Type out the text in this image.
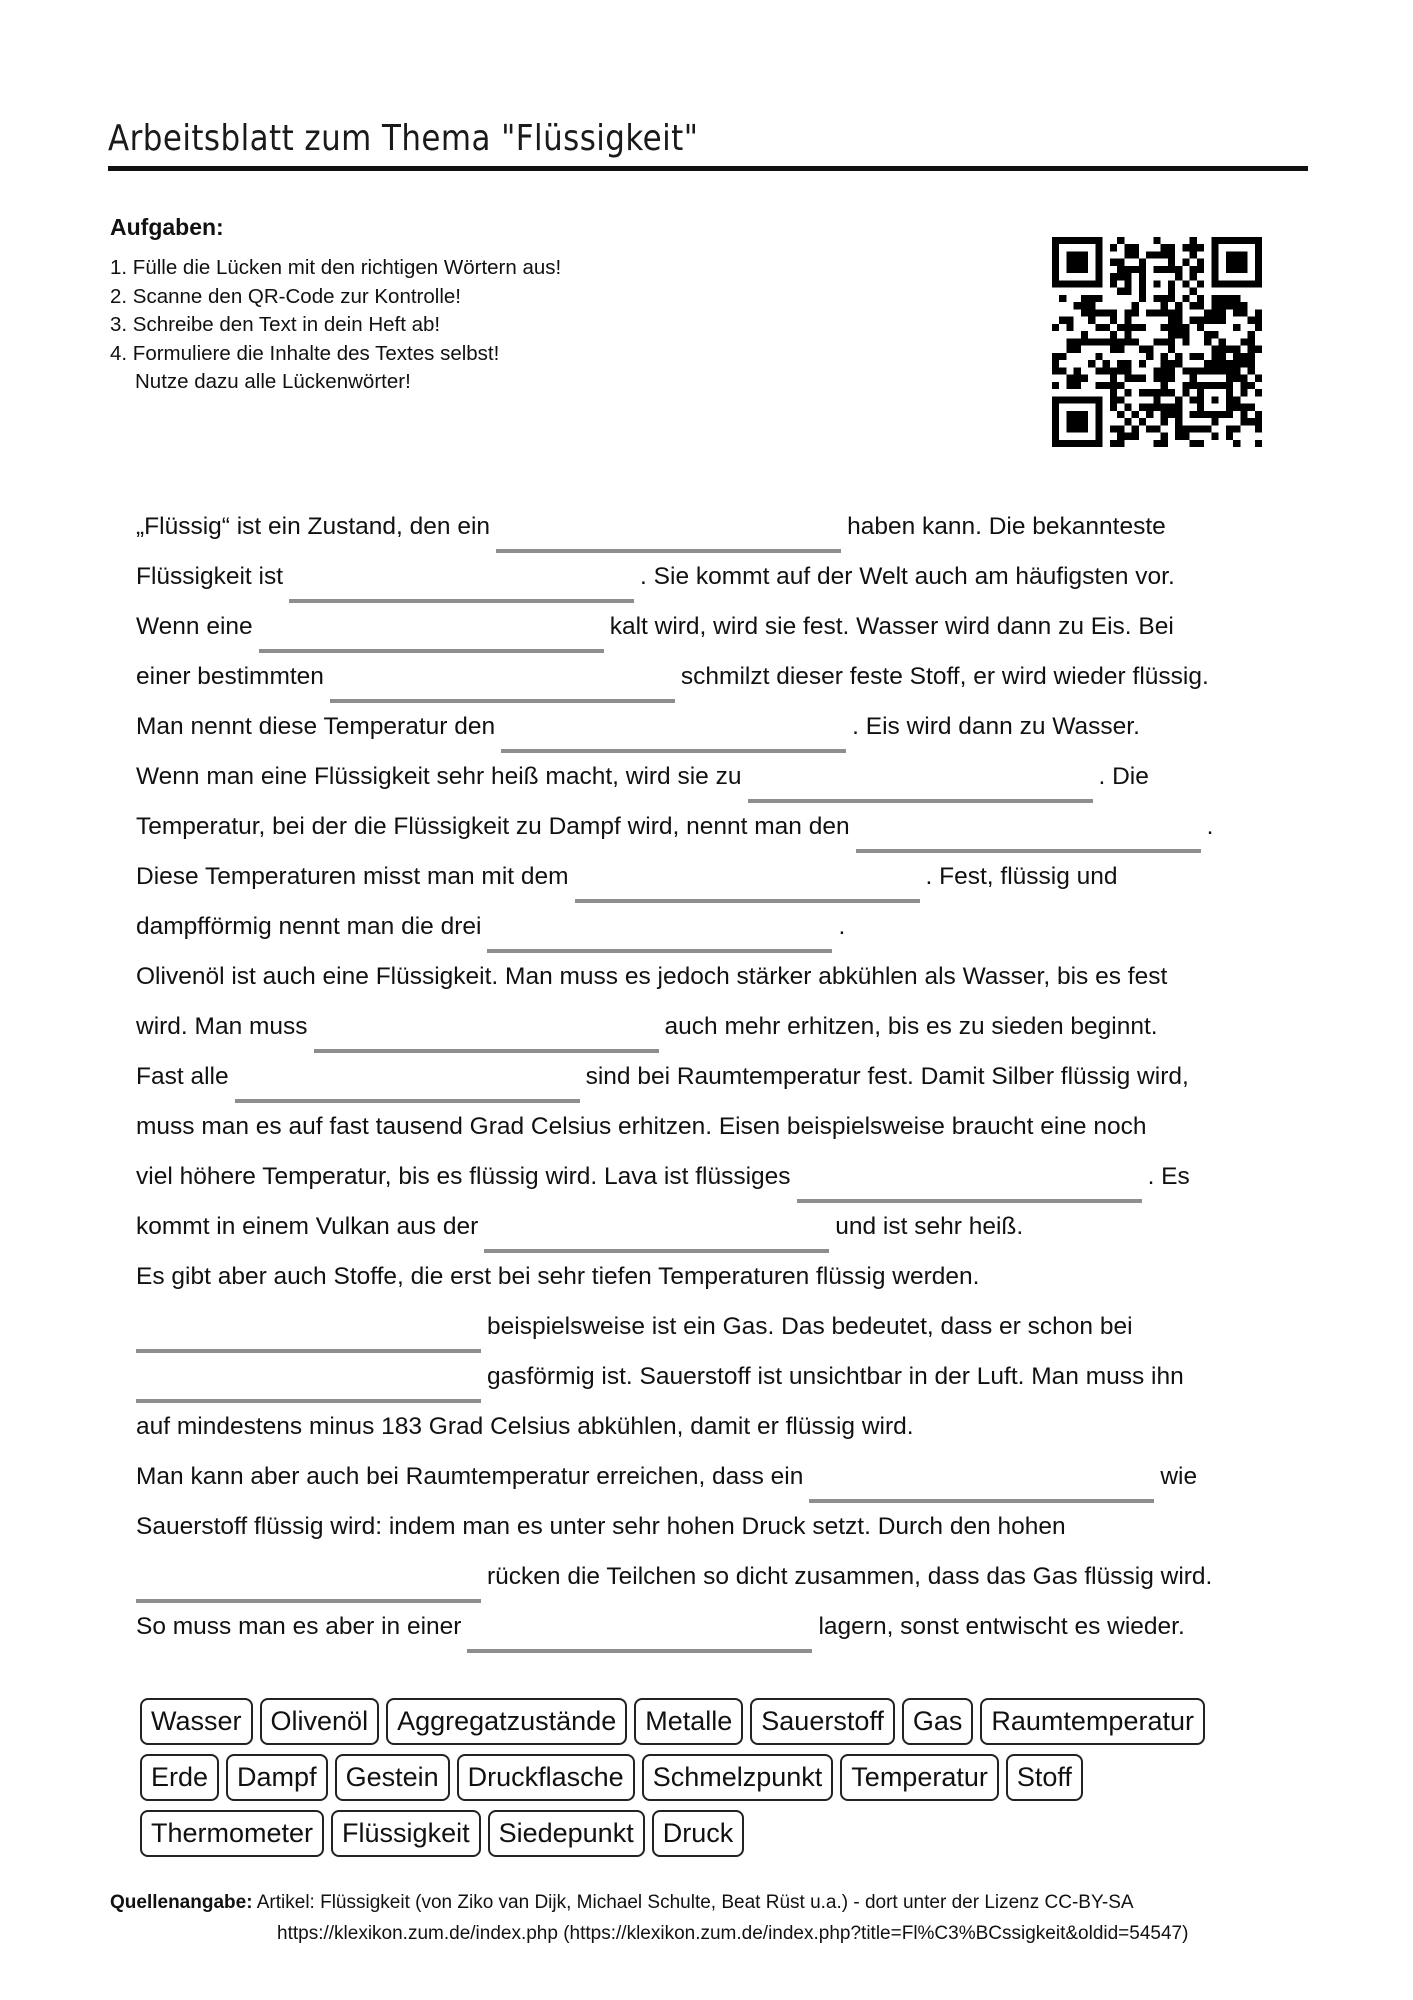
Arbeitsblatt zum Thema "Flüssigkeit"
Aufgaben:
1. Fülle die Lücken mit den richtigen Wörtern aus!
2. Scanne den QR-Code zur Kontrolle!
3. Schreibe den Text in dein Heft ab!
4. Formuliere die Inhalte des Textes selbst!
Nutze dazu alle Lückenwörter!
„Flüssig“ ist ein Zustand, den ein	haben kann. Die bekannteste
Flüssigkeit ist	. Sie kommt auf der Welt auch am häufigsten vor.
Wenn eine	kalt wird, wird sie fest. Wasser wird dann zu Eis. Bei
einer bestimmten	schmilzt dieser feste Stoff, er wird wieder flüssig.
Man nennt diese Temperatur den	. Eis wird dann zu Wasser.
Wenn man eine Flüssigkeit sehr heiß macht, wird sie zu	. Die
Temperatur, bei der die Flüssigkeit zu Dampf wird, nennt man den	.
Diese Temperaturen misst man mit dem	. Fest, flüssig und
dampfförmig nennt man die drei	.
Olivenöl ist auch eine Flüssigkeit. Man muss es jedoch stärker abkühlen als Wasser, bis es fest
wird. Man muss	auch mehr erhitzen, bis es zu sieden beginnt.
Fast alle	sind bei Raumtemperatur fest. Damit Silber flüssig wird,
muss man es auf fast tausend Grad Celsius erhitzen. Eisen beispielsweise braucht eine noch
viel höhere Temperatur, bis es flüssig wird. Lava ist flüssiges	. Es
kommt in einem Vulkan aus der	und ist sehr heiß.
Es gibt aber auch Stoffe, die erst bei sehr tiefen Temperaturen flüssig werden.
beispielsweise ist ein Gas. Das bedeutet, dass er schon bei
gasförmig ist. Sauerstoff ist unsichtbar in der Luft. Man muss ihn
auf mindestens minus 183 Grad Celsius abkühlen, damit er flüssig wird.
Man kann aber auch bei Raumtemperatur erreichen, dass ein	wie
Sauerstoff flüssig wird: indem man es unter sehr hohen Druck setzt. Durch den hohen
rücken die Teilchen so dicht zusammen, dass das Gas flüssig wird.
So muss man es aber in einer	lagern, sonst entwischt es wieder.
Wasser	Olivenöl	Aggregatzustände	Metalle	Sauerstoff	Gas	Raumtemperatur
Erde	Dampf	Gestein	Druckflasche	Schmelzpunkt	Temperatur	Stoff
Thermometer	Flüssigkeit	Siedepunkt	Druck
Quellenangabe: Artikel: Flüssigkeit (von Ziko van Dijk, Michael Schulte, Beat Rüst u.a.) - dort unter der Lizenz CC-BY-SA
https://klexikon.zum.de/index.php (https://klexikon.zum.de/index.php?title=Fl%C3%BCssigkeit&oldid=54547)
